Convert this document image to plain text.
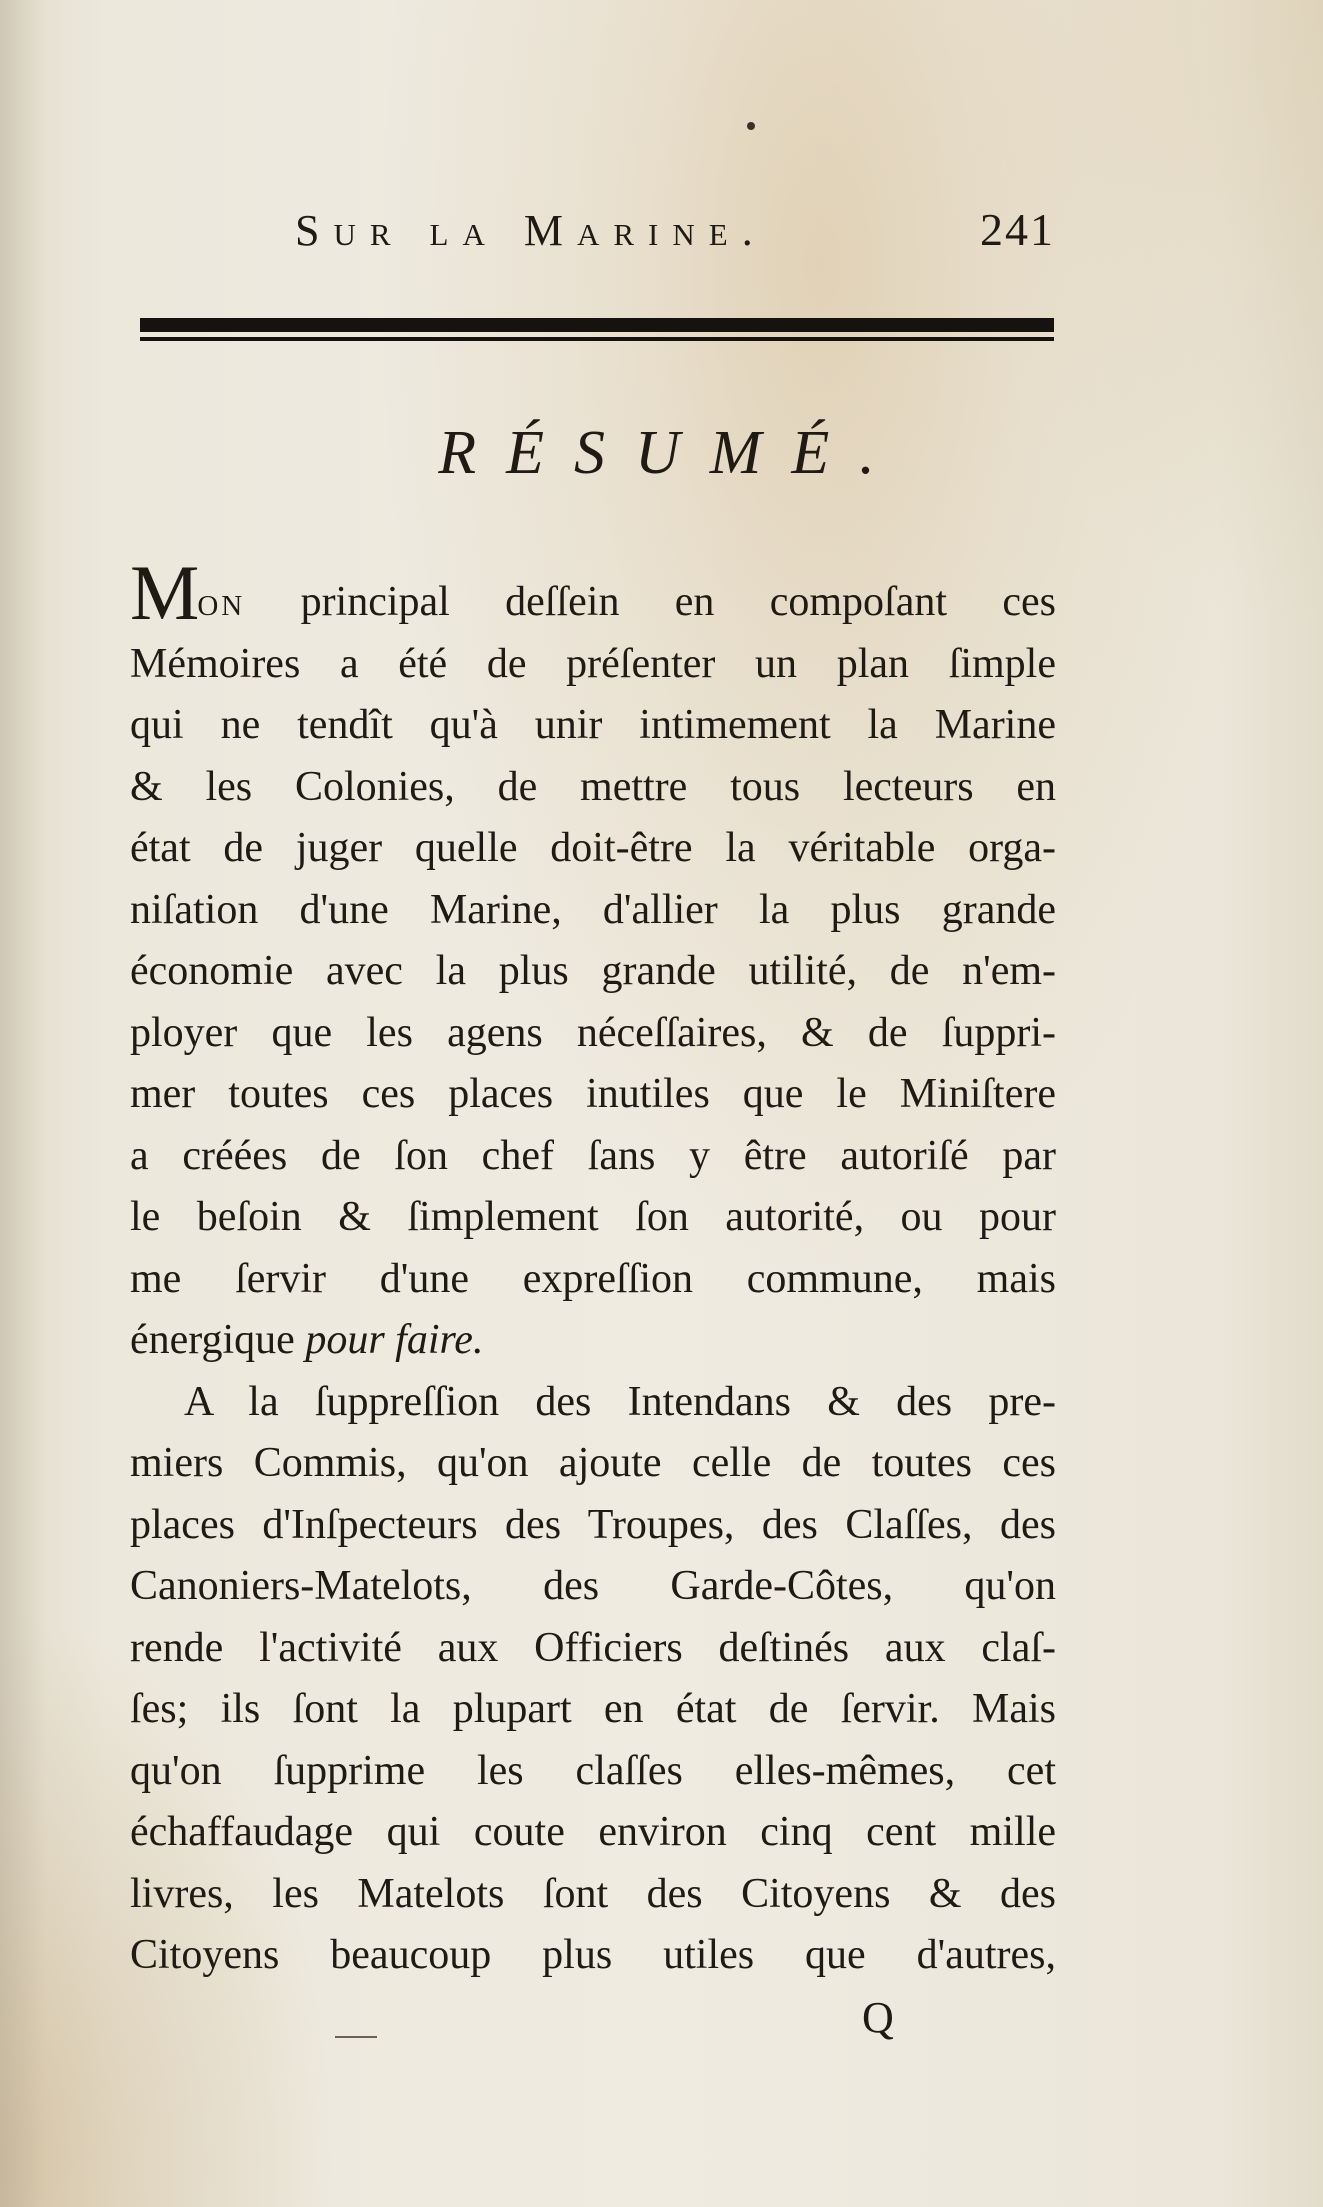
Sur la Marine.	241
RÉSUMÉ.
Mon principal deſſein en compoſant ces
Mémoires a été de préſenter un plan ſimple
qui ne tendît qu'à unir intimement la Marine
& les Colonies, de mettre tous lecteurs en
état de juger quelle doit-être la véritable orga-
niſation d'une Marine, d'allier la plus grande
économie avec la plus grande utilité, de n'em-
ployer que les agens néceſſaires, & de ſuppri-
mer toutes ces places inutiles que le Miniſtere
a créées de ſon chef ſans y être autoriſé par
le beſoin & ſimplement ſon autorité, ou pour
me ſervir d'une expreſſion commune, mais
énergique pour faire.
A la ſuppreſſion des Intendans & des pre-
miers Commis, qu'on ajoute celle de toutes ces
places d'Inſpecteurs des Troupes, des Claſſes, des
Canoniers-Matelots, des Garde-Côtes, qu'on
rende l'activité aux Officiers deſtinés aux claſ-
ſes; ils ſont la plupart en état de ſervir. Mais
qu'on ſupprime les claſſes elles-mêmes, cet
échaffaudage qui coute environ cinq cent mille
livres, les Matelots ſont des Citoyens & des
Citoyens beaucoup plus utiles que d'autres,
Q
